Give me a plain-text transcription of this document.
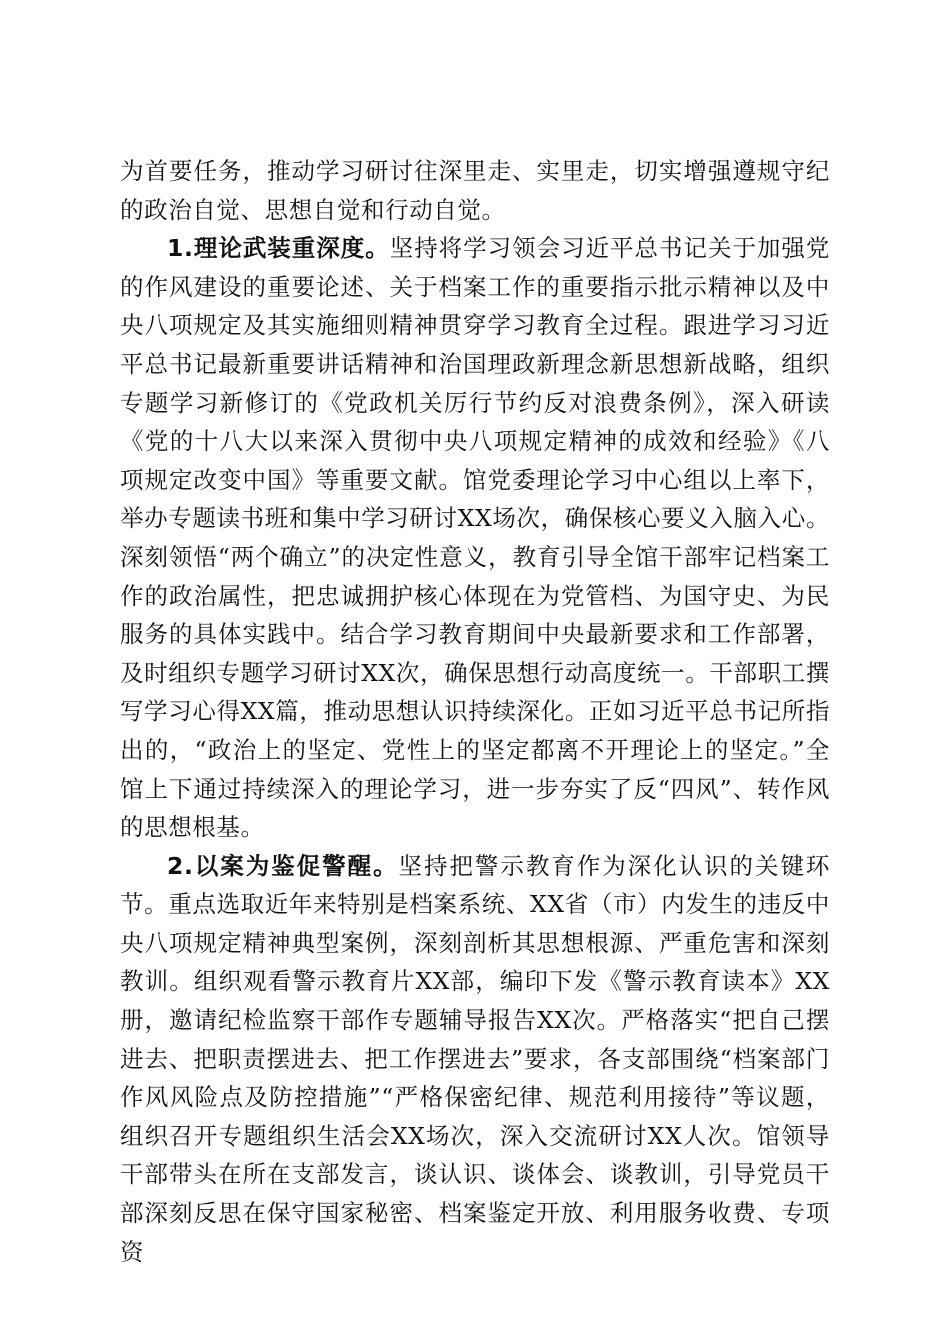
为首要任务，推动学习研讨往深里走、实里走，切实增强遵规守纪的政治自觉、思想自觉和行动自觉。

1.理论武装重深度。坚持将学习领会习近平总书记关于加强党的作风建设的重要论述、关于档案工作的重要指示批示精神以及中央八项规定及其实施细则精神贯穿学习教育全过程。跟进学习习近平总书记最新重要讲话精神和治国理政新理念新思想新战略，组织专题学习新修订的《党政机关厉行节约反对浪费条例》，深入研读《党的十八大以来深入贯彻中央八项规定精神的成效和经验》《八项规定改变中国》等重要文献。馆党委理论学习中心组以上率下，举办专题读书班和集中学习研讨XX场次，确保核心要义入脑入心。深刻领悟“两个确立”的决定性意义，教育引导全馆干部牢记档案工作的政治属性，把忠诚拥护核心体现在为党管档、为国守史、为民服务的具体实践中。结合学习教育期间中央最新要求和工作部署，及时组织专题学习研讨XX次，确保思想行动高度统一。干部职工撰写学习心得XX篇，推动思想认识持续深化。正如习近平总书记所指出的，“政治上的坚定、党性上的坚定都离不开理论上的坚定。”全馆上下通过持续深入的理论学习，进一步夯实了反“四风”、转作风的思想根基。

2.以案为鉴促警醒。坚持把警示教育作为深化认识的关键环节。重点选取近年来特别是档案系统、XX省（市）内发生的违反中央八项规定精神典型案例，深刻剖析其思想根源、严重危害和深刻教训。组织观看警示教育片XX部，编印下发《警示教育读本》XX册，邀请纪检监察干部作专题辅导报告XX次。严格落实“把自己摆进去、把职责摆进去、把工作摆进去”要求，各支部围绕“档案部门作风风险点及防控措施”“严格保密纪律、规范利用接待”等议题，组织召开专题组织生活会XX场次，深入交流研讨XX人次。馆领导干部带头在所在支部发言，谈认识、谈体会、谈教训，引导党员干部深刻反思在保守国家秘密、档案鉴定开放、利用服务收费、专项资
